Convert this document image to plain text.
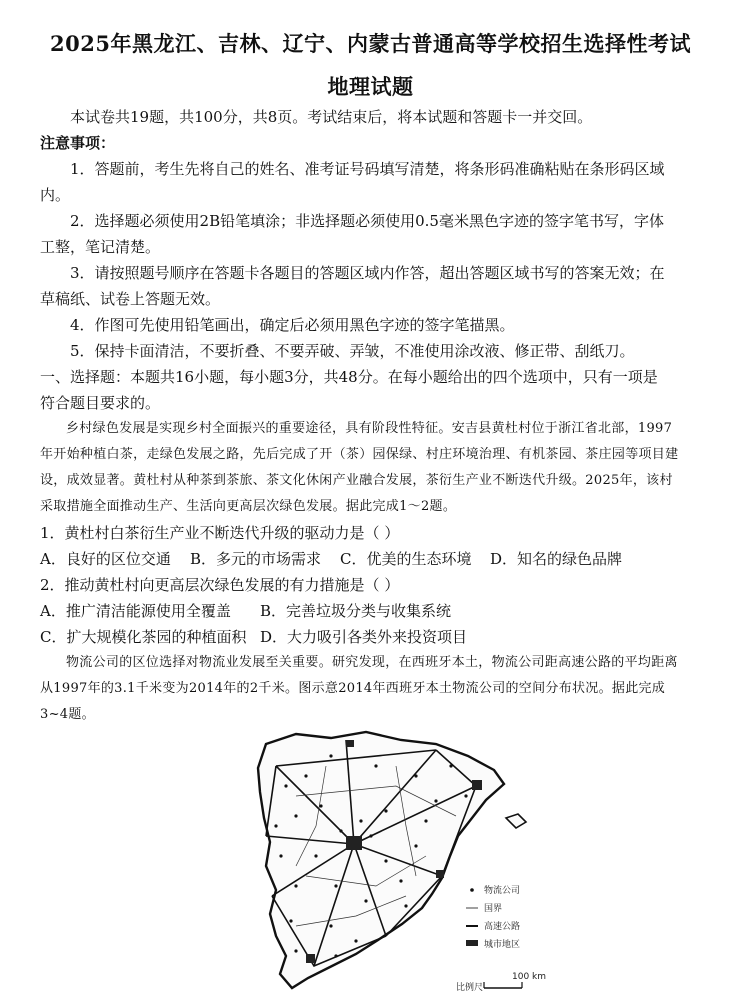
2025年黑龙江、吉林、辽宁、内蒙古普通高等学校招生选择性考试
地理试题
本试卷共19题，共100分，共8页。考试结束后，将本试题和答题卡一并交回。
注意事项：
1．答题前，考生先将自己的姓名、准考证号码填写清楚，将条形码准确粘贴在条形码区域
内。
2．选择题必须使用2B铅笔填涂；非选择题必须使用0.5毫米黑色字迹的签字笔书写，字体
工整，笔记清楚。
3．请按照题号顺序在答题卡各题目的答题区域内作答，超出答题区域书写的答案无效；在
草稿纸、试卷上答题无效。
4．作图可先使用铅笔画出，确定后必须用黑色字迹的签字笔描黑。
5．保持卡面清洁，不要折叠、不要弄破、弄皱，不准使用涂改液、修正带、刮纸刀。
一、选择题：本题共16小题，每小题3分，共48分。在每小题给出的四个选项中，只有一项是
符合题目要求的。
乡村绿色发展是实现乡村全面振兴的重要途径，具有阶段性特征。安吉县黄杜村位于浙江省北部，1997
年开始种植白茶，走绿色发展之路，先后完成了开（茶）园保绿、村庄环境治理、有机茶园、茶庄园等项目建
设，成效显著。黄杜村从种茶到茶旅、茶文化休闲产业融合发展，茶衍生产业不断迭代升级。2025年，该村
采取措施全面推动生产、生活向更高层次绿色发展。据此完成1～2题。
1．黄杜村白茶衍生产业不断迭代升级的驱动力是（ ）
A．良好的区位交通 B．多元的市场需求 C．优美的生态环境 D．知名的绿色品牌
2．推动黄杜村向更高层次绿色发展的有力措施是（ ）
A．推广清洁能源使用全覆盖 B．完善垃圾分类与收集系统
C．扩大规模化茶园的种植面积 D．大力吸引各类外来投资项目
物流公司的区位选择对物流业发展至关重要。研究发现，在西班牙本土，物流公司距高速公路的平均距离
从1997年的3.1千米变为2014年的2千米。图示意2014年西班牙本土物流公司的空间分布状况。据此完成
3~4题。
物流公司
国界
高速公路
城市地区
比例尺
100 km
